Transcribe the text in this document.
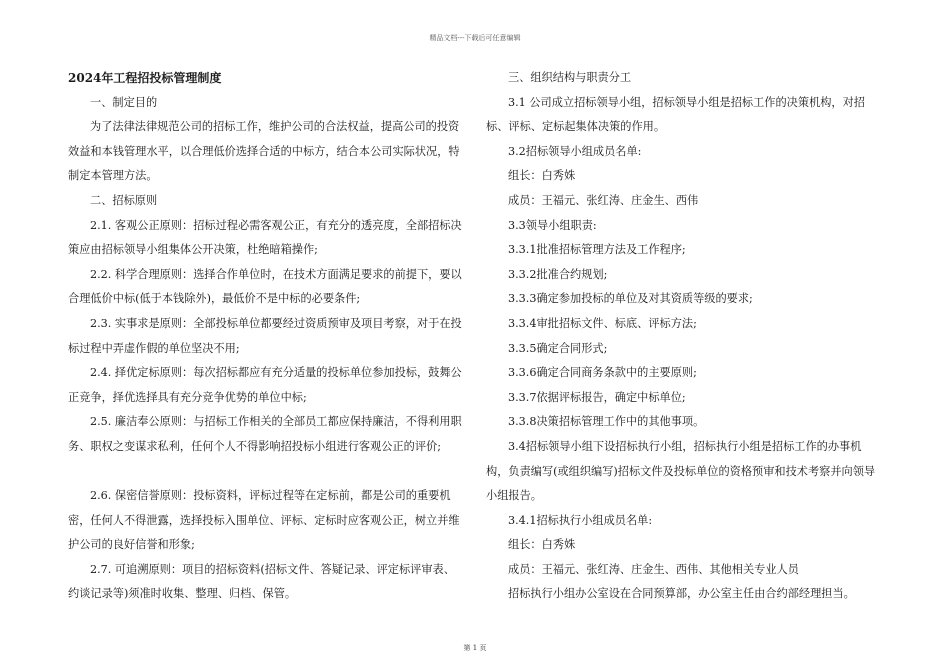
精品文档---下载后可任意编辑

2024年工程招投标管理制度

一、制定目的

为了法律法律规范公司的招标工作，维护公司的合法权益，提高公司的投资效益和本钱管理水平，以合理低价选择合适的中标方，结合本公司实际状况，特制定本管理方法。

二、招标原则

2.1. 客观公正原则：招标过程必需客观公正，有充分的透亮度，全部招标决策应由招标领导小组集体公开决策，杜绝暗箱操作;

2.2. 科学合理原则：选择合作单位时，在技术方面满足要求的前提下，要以合理低价中标(低于本钱除外)，最低价不是中标的必要条件;

2.3. 实事求是原则：全部投标单位都要经过资质预审及项目考察，对于在投标过程中弄虚作假的单位坚决不用;

2.4. 择优定标原则：每次招标都应有充分适量的投标单位参加投标，鼓舞公正竞争，择优选择具有充分竞争优势的单位中标;

2.5. 廉洁奉公原则：与招标工作相关的全部员工都应保持廉洁，不得利用职务、职权之变谋求私利，任何个人不得影响招投标小组进行客观公正的评价;

2.6. 保密信誉原则：投标资料，评标过程等在定标前，都是公司的重要机密，任何人不得泄露，选择投标入围单位、评标、定标时应客观公正，树立并维护公司的良好信誉和形象;

2.7. 可追溯原则：项目的招标资料(招标文件、答疑记录、评定标评审表、约谈记录等)须准时收集、整理、归档、保管。

三、组织结构与职责分工

3.1 公司成立招标领导小组，招标领导小组是招标工作的决策机构，对招标、评标、定标起集体决策的作用。

3.2招标领导小组成员名单:

组长：白秀姝

成员：王福元、张红涛、庄金生、西伟

3.3领导小组职责:

3.3.1批准招标管理方法及工作程序;

3.3.2批准合约规划;

3.3.3确定参加投标的单位及对其资质等级的要求;

3.3.4审批招标文件、标底、评标方法;

3.3.5确定合同形式;

3.3.6确定合同商务条款中的主要原则;

3.3.7依据评标报告，确定中标单位;

3.3.8决策招标管理工作中的其他事项。

3.4招标领导小组下设招标执行小组，招标执行小组是招标工作的办事机构，负责编写(或组织编写)招标文件及投标单位的资格预审和技术考察并向领导小组报告。

3.4.1招标执行小组成员名单:

组长：白秀姝

成员：王福元、张红涛、庄金生、西伟、其他相关专业人员

招标执行小组办公室设在合同预算部，办公室主任由合约部经理担当。

第 1 页
